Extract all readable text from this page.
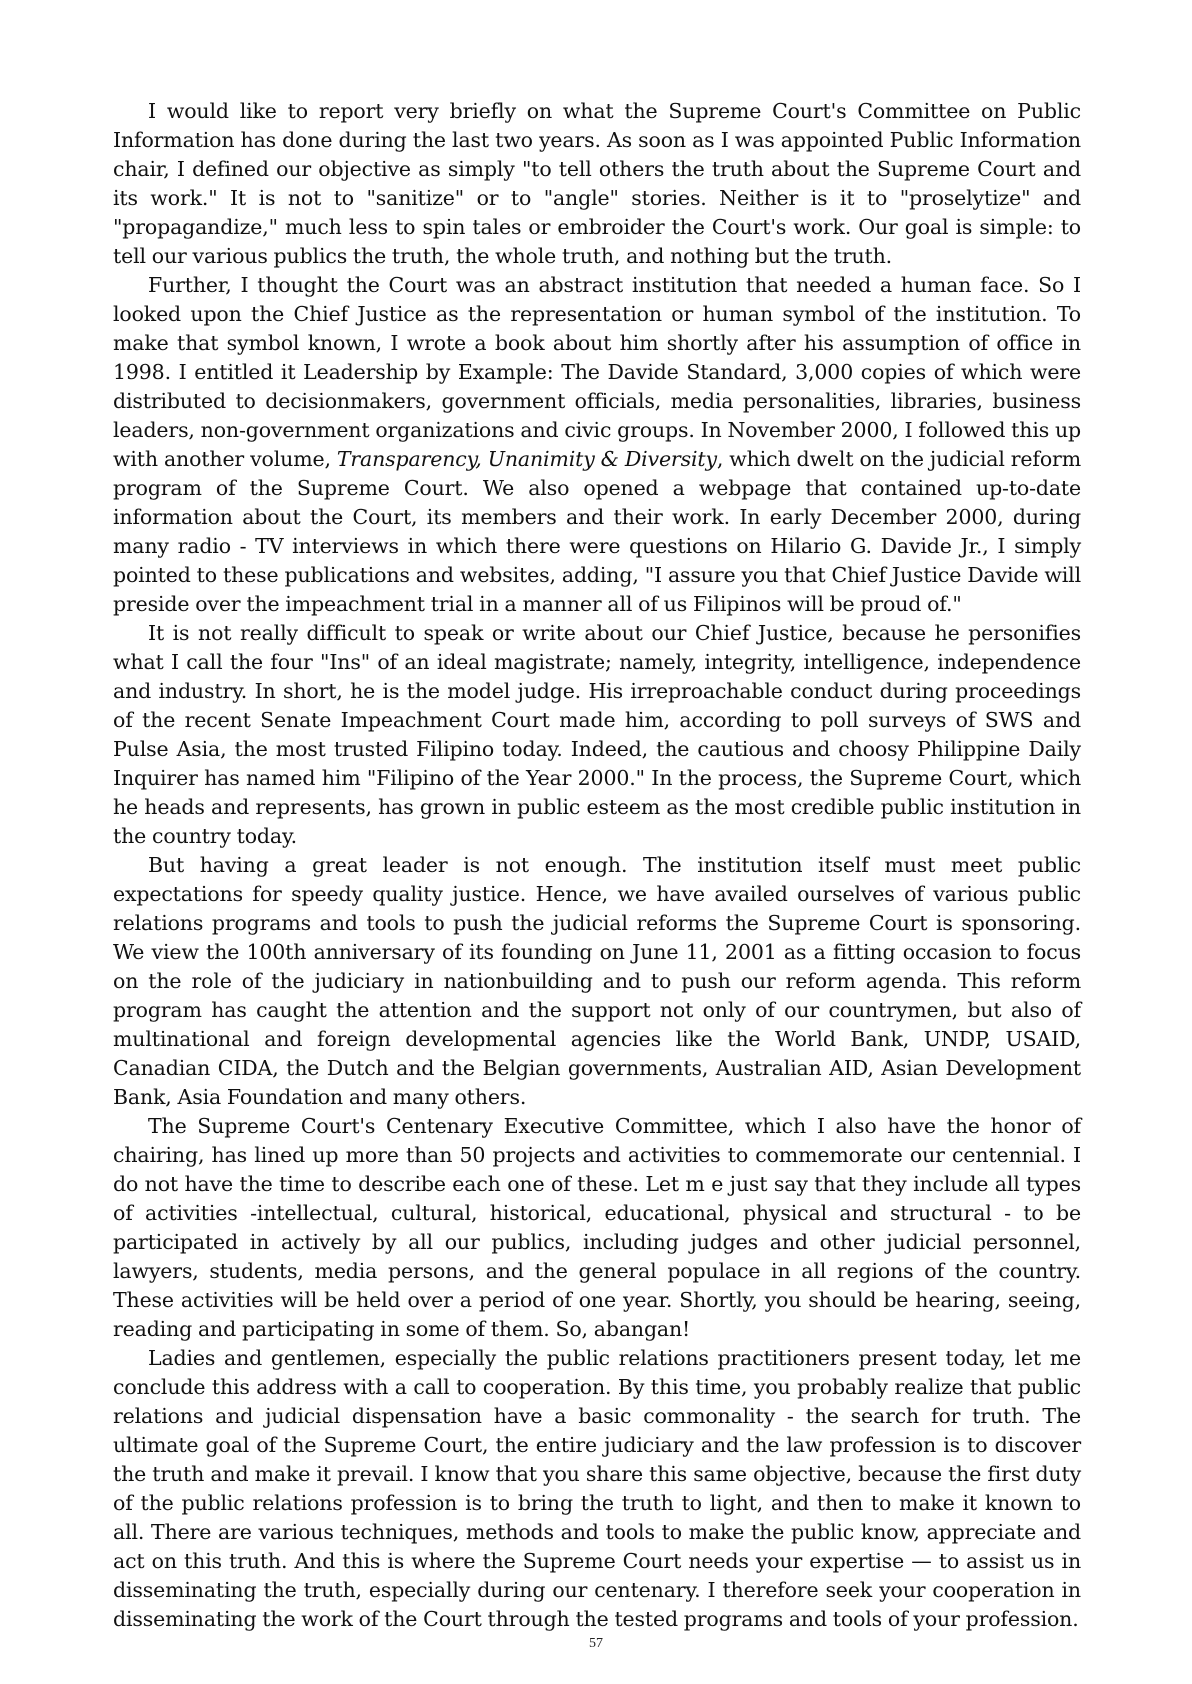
I would like to report very briefly on what the Supreme Court's Committee on Public Information has done during the last two years. As soon as I was appointed Public Information chair, I defined our objective as simply "to tell others the truth about the Supreme Court and its work." It is not to "sanitize" or to "angle" stories. Neither is it to "proselytize" and "propagandize," much less to spin tales or embroider the Court's work. Our goal is simple: to tell our various publics the truth, the whole truth, and nothing but the truth.

Further, I thought the Court was an abstract institution that needed a human face. So I looked upon the Chief Justice as the representation or human symbol of the institution. To make that symbol known, I wrote a book about him shortly after his assumption of office in 1998. I entitled it Leadership by Example: The Davide Standard, 3,000 copies of which were distributed to decisionmakers, government officials, media personalities, libraries, business leaders, non-government organizations and civic groups. In November 2000, I followed this up with another volume, Transparency, Unanimity & Diversity, which dwelt on the judicial reform program of the Supreme Court. We also opened a webpage that contained up-to-date information about the Court, its members and their work. In early December 2000, during many radio - TV interviews in which there were questions on Hilario G. Davide Jr., I simply pointed to these publications and websites, adding, "I assure you that Chief Justice Davide will preside over the impeachment trial in a manner all of us Filipinos will be proud of."

It is not really difficult to speak or write about our Chief Justice, because he personifies what I call the four "Ins" of an ideal magistrate; namely, integrity, intelligence, independence and industry. In short, he is the model judge. His irreproachable conduct during proceedings of the recent Senate Impeachment Court made him, according to poll surveys of SWS and Pulse Asia, the most trusted Filipino today. Indeed, the cautious and choosy Philippine Daily Inquirer has named him "Filipino of the Year 2000." In the process, the Supreme Court, which he heads and represents, has grown in public esteem as the most credible public institution in the country today.

But having a great leader is not enough. The institution itself must meet public expectations for speedy quality justice. Hence, we have availed ourselves of various public relations programs and tools to push the judicial reforms the Supreme Court is sponsoring. We view the 100th anniversary of its founding on June 11, 2001 as a fitting occasion to focus on the role of the judiciary in nationbuilding and to push our reform agenda. This reform program has caught the attention and the support not only of our countrymen, but also of multinational and foreign developmental agencies like the World Bank, UNDP, USAID, Canadian CIDA, the Dutch and the Belgian governments, Australian AID, Asian Development Bank, Asia Foundation and many others.

The Supreme Court's Centenary Executive Committee, which I also have the honor of chairing, has lined up more than 50 projects and activities to commemorate our centennial. I do not have the time to describe each one of these. Let m e just say that they include all types of activities -intellectual, cultural, historical, educational, physical and structural - to be participated in actively by all our publics, including judges and other judicial personnel, lawyers, students, media persons, and the general populace in all regions of the country. These activities will be held over a period of one year. Shortly, you should be hearing, seeing, reading and participating in some of them. So, abangan!

Ladies and gentlemen, especially the public relations practitioners present today, let me conclude this address with a call to cooperation. By this time, you probably realize that public relations and judicial dispensation have a basic commonality - the search for truth. The ultimate goal of the Supreme Court, the entire judiciary and the law profession is to discover the truth and make it prevail. I know that you share this same objective, because the first duty of the public relations profession is to bring the truth to light, and then to make it known to all. There are various techniques, methods and tools to make the public know, appreciate and act on this truth. And this is where the Supreme Court needs your expertise — to assist us in disseminating the truth, especially during our centenary. I therefore seek your cooperation in disseminating the work of the Court through the tested programs and tools of your profession.

57
